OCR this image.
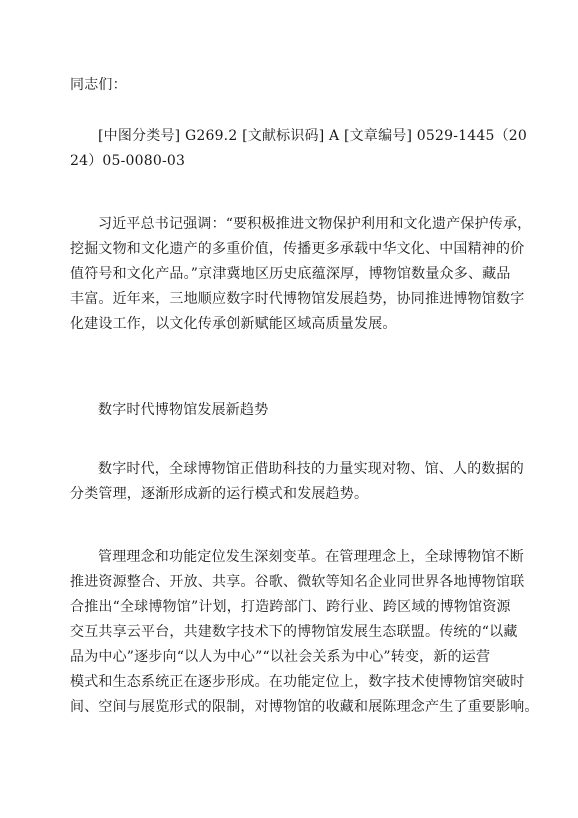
同志们：

[中图分类号] G269.2 [文献标识码] A [文章编号] 0529-1445（20
24）05-0080-03

习近平总书记强调：“要积极推进文物保护利用和文化遗产保护传承，
挖掘文物和文化遗产的多重价值，传播更多承载中华文化、中国精神的价
值符号和文化产品。”京津冀地区历史底蕴深厚，博物馆数量众多、藏品
丰富。近年来，三地顺应数字时代博物馆发展趋势，协同推进博物馆数字
化建设工作，以文化传承创新赋能区域高质量发展。

数字时代博物馆发展新趋势

数字时代，全球博物馆正借助科技的力量实现对物、馆、人的数据的
分类管理，逐渐形成新的运行模式和发展趋势。

管理理念和功能定位发生深刻变革。在管理理念上，全球博物馆不断
推进资源整合、开放、共享。谷歌、微软等知名企业同世界各地博物馆联
合推出“全球博物馆”计划，打造跨部门、跨行业、跨区域的博物馆资源
交互共享云平台，共建数字技术下的博物馆发展生态联盟。传统的“以藏
品为中心”逐步向“以人为中心”“以社会关系为中心”转变，新的运营
模式和生态系统正在逐步形成。在功能定位上，数字技术使博物馆突破时
间、空间与展览形式的限制，对博物馆的收藏和展陈理念产生了重要影响。
